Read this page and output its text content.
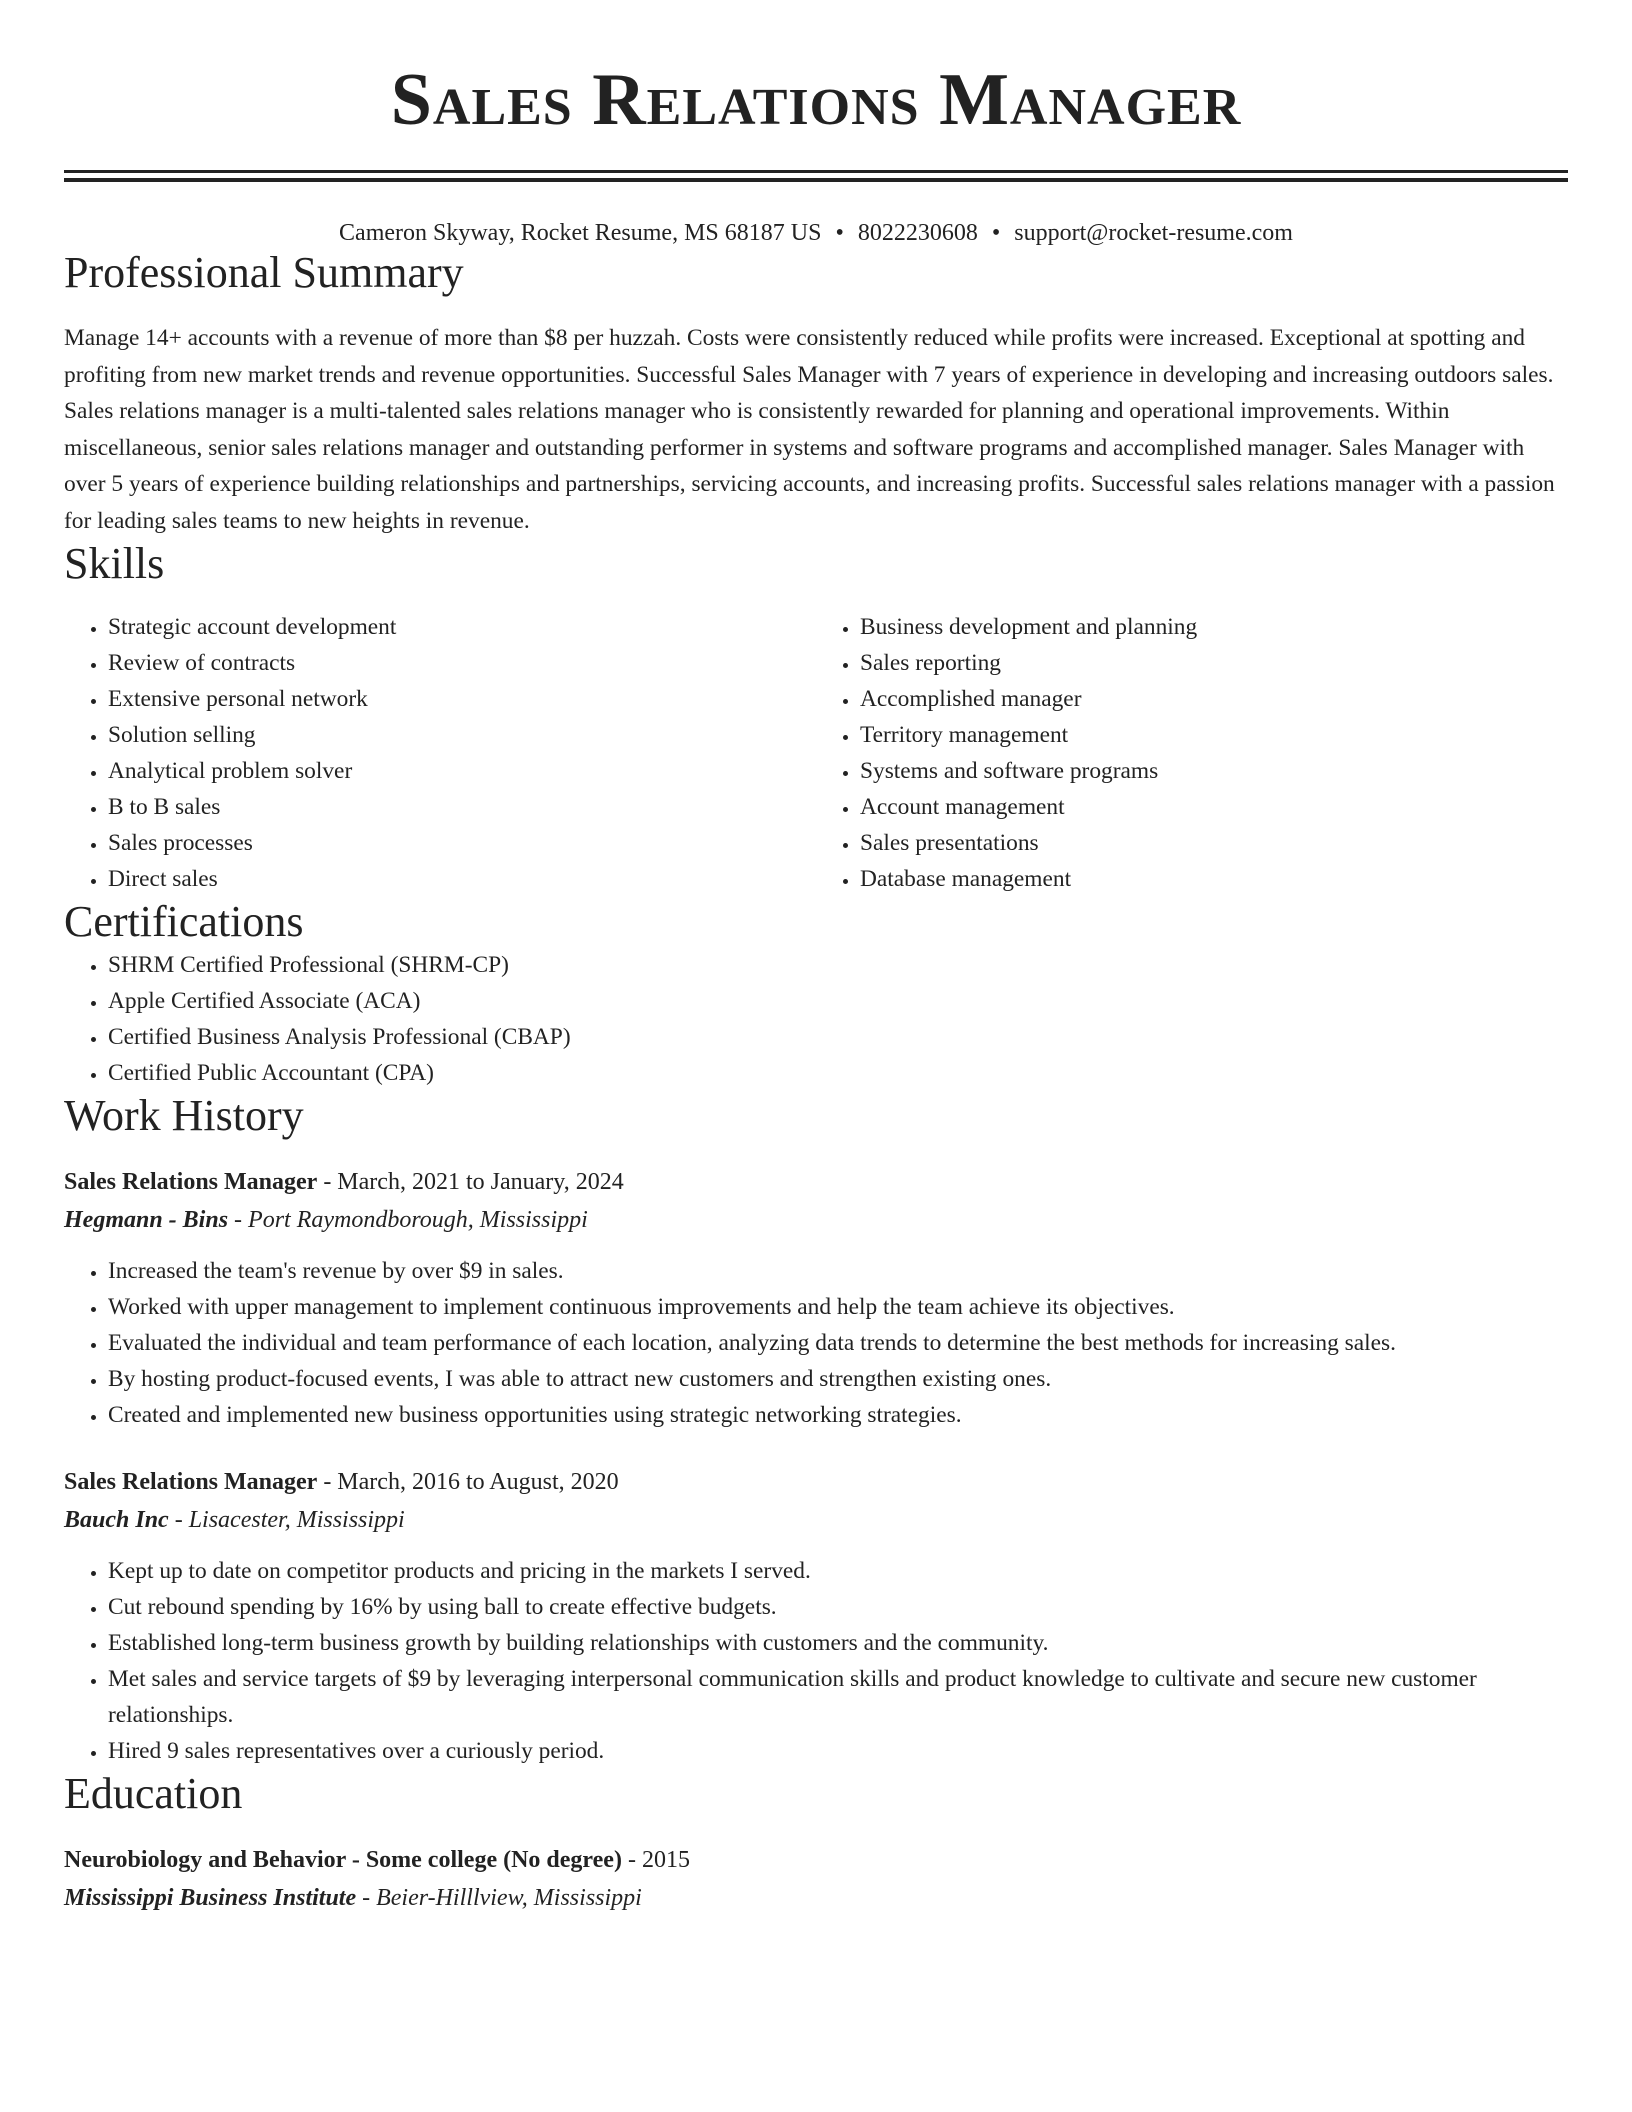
Sales Relations Manager
Cameron Skyway, Rocket Resume, MS 68187 US • 8022230608 • support@rocket-resume.com
Professional Summary

Manage 14+ accounts with a revenue of more than $8 per huzzah. Costs were consistently reduced while profits were increased. Exceptional at spotting and profiting from new market trends and revenue opportunities. Successful Sales Manager with 7 years of experience in developing and increasing outdoors sales. Sales relations manager is a multi-talented sales relations manager who is consistently rewarded for planning and operational improvements. Within miscellaneous, senior sales relations manager and outstanding performer in systems and software programs and accomplished manager. Sales Manager with over 5 years of experience building relationships and partnerships, servicing accounts, and increasing profits. Successful sales relations manager with a passion for leading sales teams to new heights in revenue.

Skills
• Strategic account development
• Review of contracts
• Extensive personal network
• Solution selling
• Analytical problem solver
• B to B sales
• Sales processes
• Direct sales
• Business development and planning
• Sales reporting
• Accomplished manager
• Territory management
• Systems and software programs
• Account management
• Sales presentations
• Database management
Certifications
• SHRM Certified Professional (SHRM-CP)
• Apple Certified Associate (ACA)
• Certified Business Analysis Professional (CBAP)
• Certified Public Accountant (CPA)
Work History
Sales Relations Manager - March, 2021 to January, 2024
Hegmann - Bins - Port Raymondborough, Mississippi
• Increased the team's revenue by over $9 in sales.
• Worked with upper management to implement continuous improvements and help the team achieve its objectives.
• Evaluated the individual and team performance of each location, analyzing data trends to determine the best methods for increasing sales.
• By hosting product-focused events, I was able to attract new customers and strengthen existing ones.
• Created and implemented new business opportunities using strategic networking strategies.
Sales Relations Manager - March, 2016 to August, 2020
Bauch Inc - Lisacester, Mississippi
• Kept up to date on competitor products and pricing in the markets I served.
• Cut rebound spending by 16% by using ball to create effective budgets.
• Established long-term business growth by building relationships with customers and the community.
• Met sales and service targets of $9 by leveraging interpersonal communication skills and product knowledge to cultivate and secure new customer relationships.
• Hired 9 sales representatives over a curiously period.
Education
Neurobiology and Behavior - Some college (No degree) - 2015
Mississippi Business Institute - Beier-Hilllview, Mississippi
